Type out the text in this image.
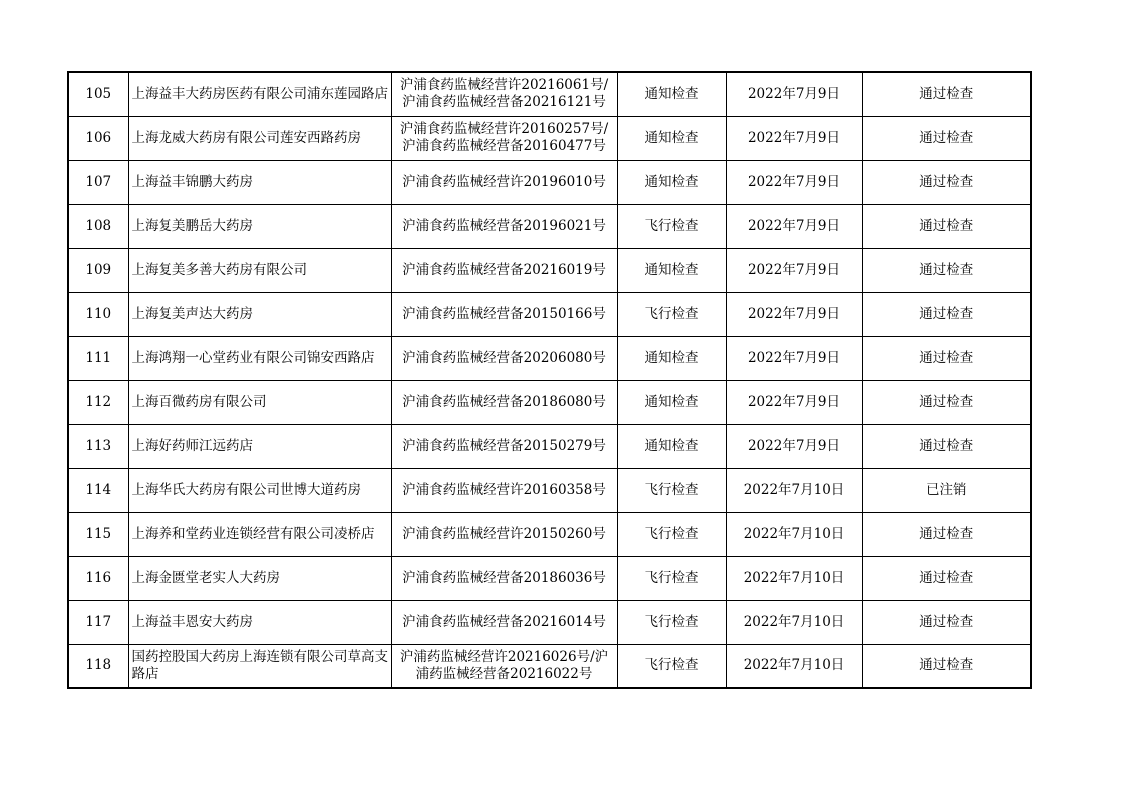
105	上海益丰大药房医药有限公司浦东莲园路店	沪浦食药监械经营许20216061号/沪浦食药监械经营备20216121号	通知检查	2022年7月9日	通过检查
106	上海龙威大药房有限公司莲安西路药房	沪浦食药监械经营许20160257号/沪浦食药监械经营备20160477号	通知检查	2022年7月9日	通过检查
107	上海益丰锦鹏大药房	沪浦食药监械经营许20196010号	通知检查	2022年7月9日	通过检查
108	上海复美鹏岳大药房	沪浦食药监械经营备20196021号	飞行检查	2022年7月9日	通过检查
109	上海复美多善大药房有限公司	沪浦食药监械经营备20216019号	通知检查	2022年7月9日	通过检查
110	上海复美声达大药房	沪浦食药监械经营备20150166号	飞行检查	2022年7月9日	通过检查
111	上海鸿翔一心堂药业有限公司锦安西路店	沪浦食药监械经营备20206080号	通知检查	2022年7月9日	通过检查
112	上海百微药房有限公司	沪浦食药监械经营备20186080号	通知检查	2022年7月9日	通过检查
113	上海好药师江远药店	沪浦食药监械经营备20150279号	通知检查	2022年7月9日	通过检查
114	上海华氏大药房有限公司世博大道药房	沪浦食药监械经营许20160358号	飞行检查	2022年7月10日	已注销
115	上海养和堂药业连锁经营有限公司凌桥店	沪浦食药监械经营许20150260号	飞行检查	2022年7月10日	通过检查
116	上海金匮堂老实人大药房	沪浦食药监械经营备20186036号	飞行检查	2022年7月10日	通过检查
117	上海益丰恩安大药房	沪浦食药监械经营备20216014号	飞行检查	2022年7月10日	通过检查
118	国药控股国大药房上海连锁有限公司草高支路店	沪浦药监械经营许20216026号/沪浦药监械经营备20216022号	飞行检查	2022年7月10日	通过检查
